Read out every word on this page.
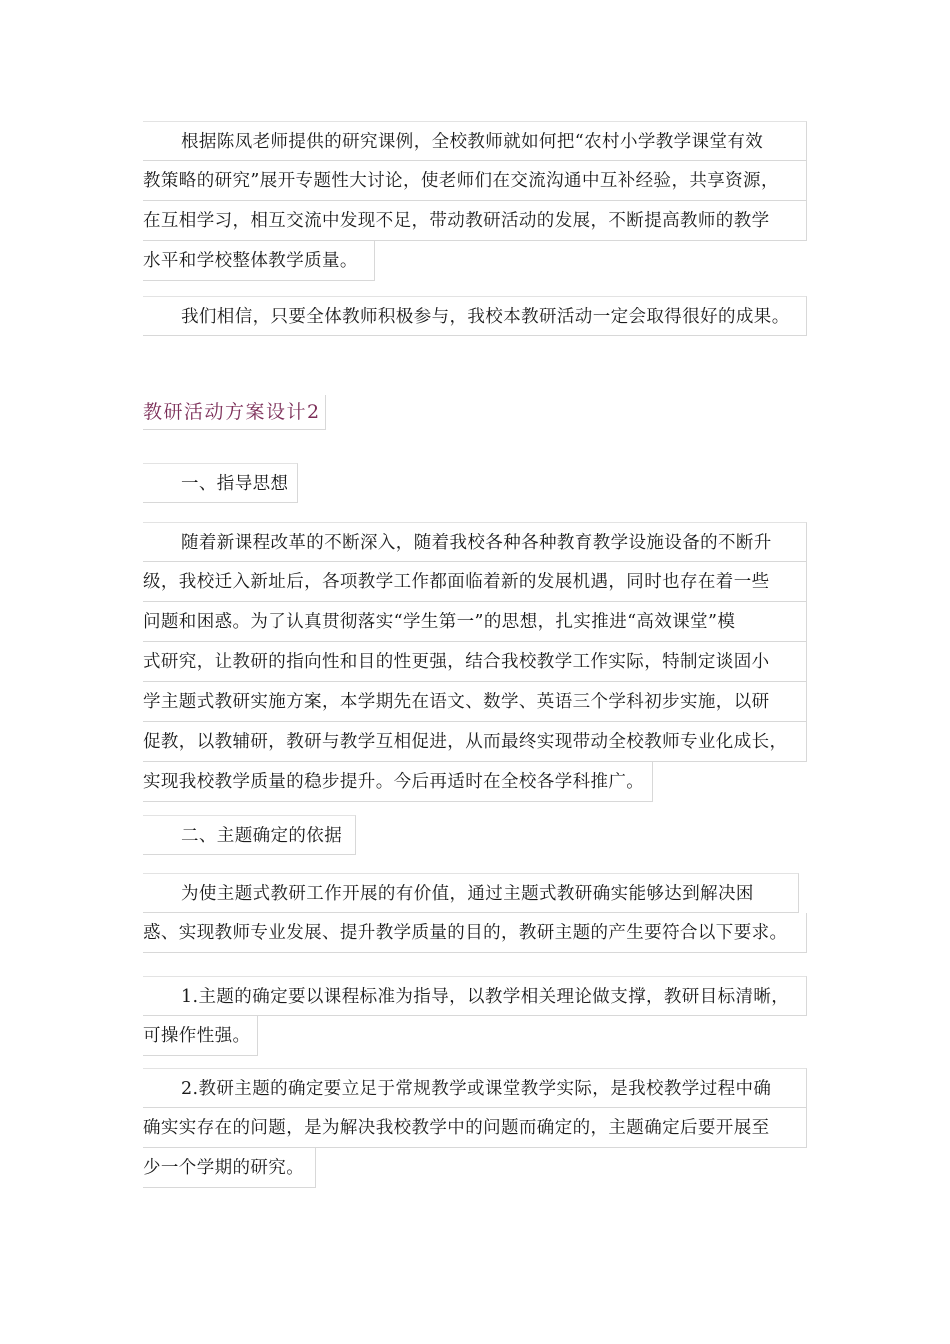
根据陈凤老师提供的研究课例，全校教师就如何把“农村小学教学课堂有效
教策略的研究”展开专题性大讨论，使老师们在交流沟通中互补经验，共享资源，
在互相学习，相互交流中发现不足，带动教研活动的发展，不断提高教师的教学
水平和学校整体教学质量。
我们相信，只要全体教师积极参与，我校本教研活动一定会取得很好的成果。
教研活动方案设计2
一、指导思想
随着新课程改革的不断深入，随着我校各种各种教育教学设施设备的不断升
级，我校迁入新址后，各项教学工作都面临着新的发展机遇，同时也存在着一些
问题和困惑。为了认真贯彻落实“学生第一”的思想，扎实推进“高效课堂”模
式研究，让教研的指向性和目的性更强，结合我校教学工作实际，特制定谈固小
学主题式教研实施方案，本学期先在语文、数学、英语三个学科初步实施，以研
促教，以教辅研，教研与教学互相促进，从而最终实现带动全校教师专业化成长，
实现我校教学质量的稳步提升。今后再适时在全校各学科推广。
二、主题确定的依据
为使主题式教研工作开展的有价值，通过主题式教研确实能够达到解决困
惑、实现教师专业发展、提升教学质量的目的，教研主题的产生要符合以下要求。
1.主题的确定要以课程标准为指导，以教学相关理论做支撑，教研目标清晰，
可操作性强。
2.教研主题的确定要立足于常规教学或课堂教学实际，是我校教学过程中确
确实实存在的问题，是为解决我校教学中的问题而确定的，主题确定后要开展至
少一个学期的研究。
